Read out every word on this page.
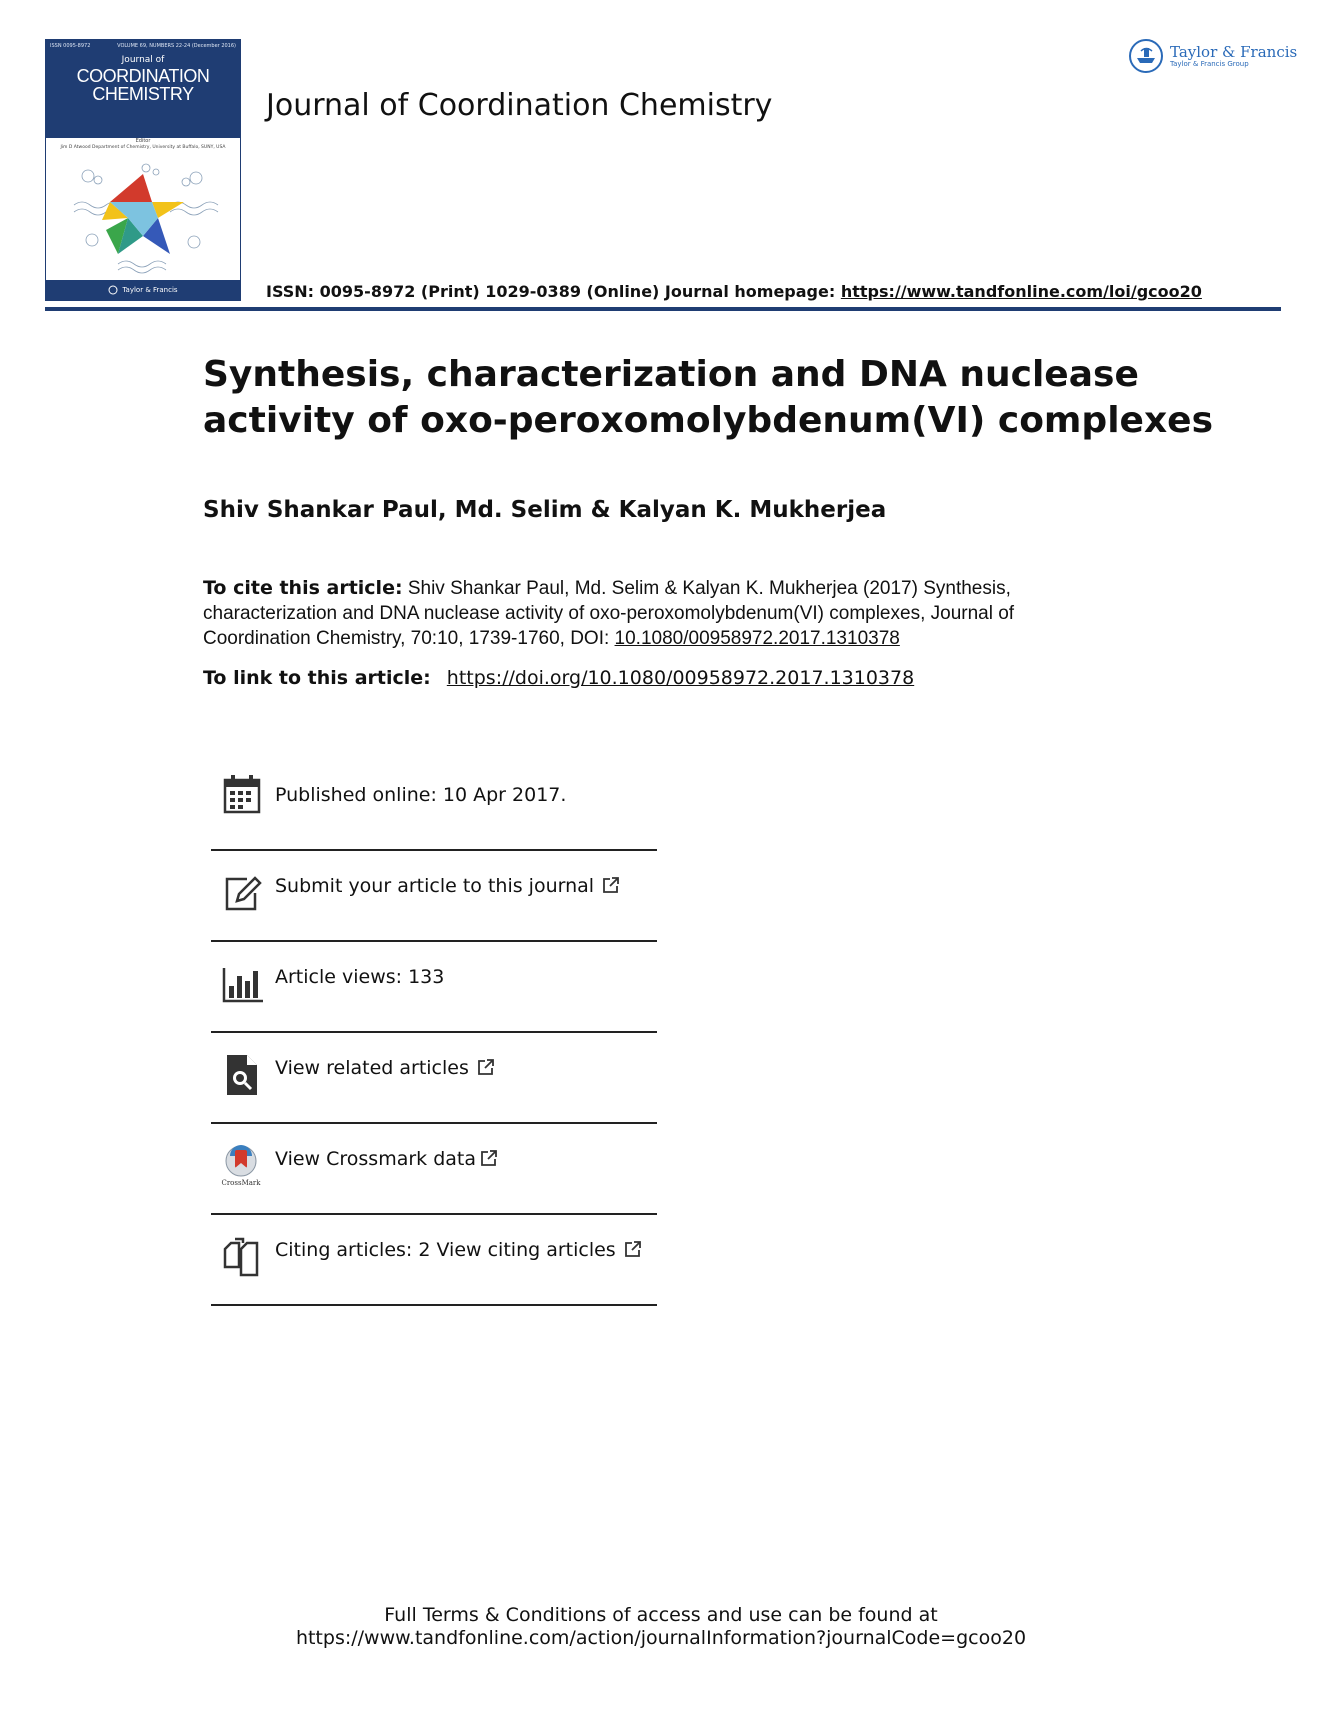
ISSN 0095-8972	VOLUME 69, NUMBERS 22-24 (December 2016)
Journal of
COORDINATION
CHEMISTRY
Editor
Jim D Atwood Department of Chemistry, University at Buffalo, SUNY, USA
Taylor & Francis
Journal of Coordination Chemistry
ISSN: 0095-8972 (Print) 1029-0389 (Online) Journal homepage: https://www.tandfonline.com/loi/gcoo20
Taylor & Francis
Taylor & Francis Group
Synthesis, characterization and DNA nuclease
activity of oxo-peroxomolybdenum(VI) complexes
Shiv Shankar Paul, Md. Selim & Kalyan K. Mukherjea
To cite this article: Shiv Shankar Paul, Md. Selim & Kalyan K. Mukherjea (2017) Synthesis,
characterization and DNA nuclease activity of oxo-peroxomolybdenum(VI) complexes, Journal of
Coordination Chemistry, 70:10, 1739-1760, DOI: 10.1080/00958972.2017.1310378
To link to this article: https://doi.org/10.1080/00958972.2017.1310378
Published online: 10 Apr 2017.
Submit your article to this journal
Article views: 133
View related articles
CrossMark
View Crossmark data
Citing articles: 2 View citing articles
Full Terms & Conditions of access and use can be found at
https://www.tandfonline.com/action/journalInformation?journalCode=gcoo20
